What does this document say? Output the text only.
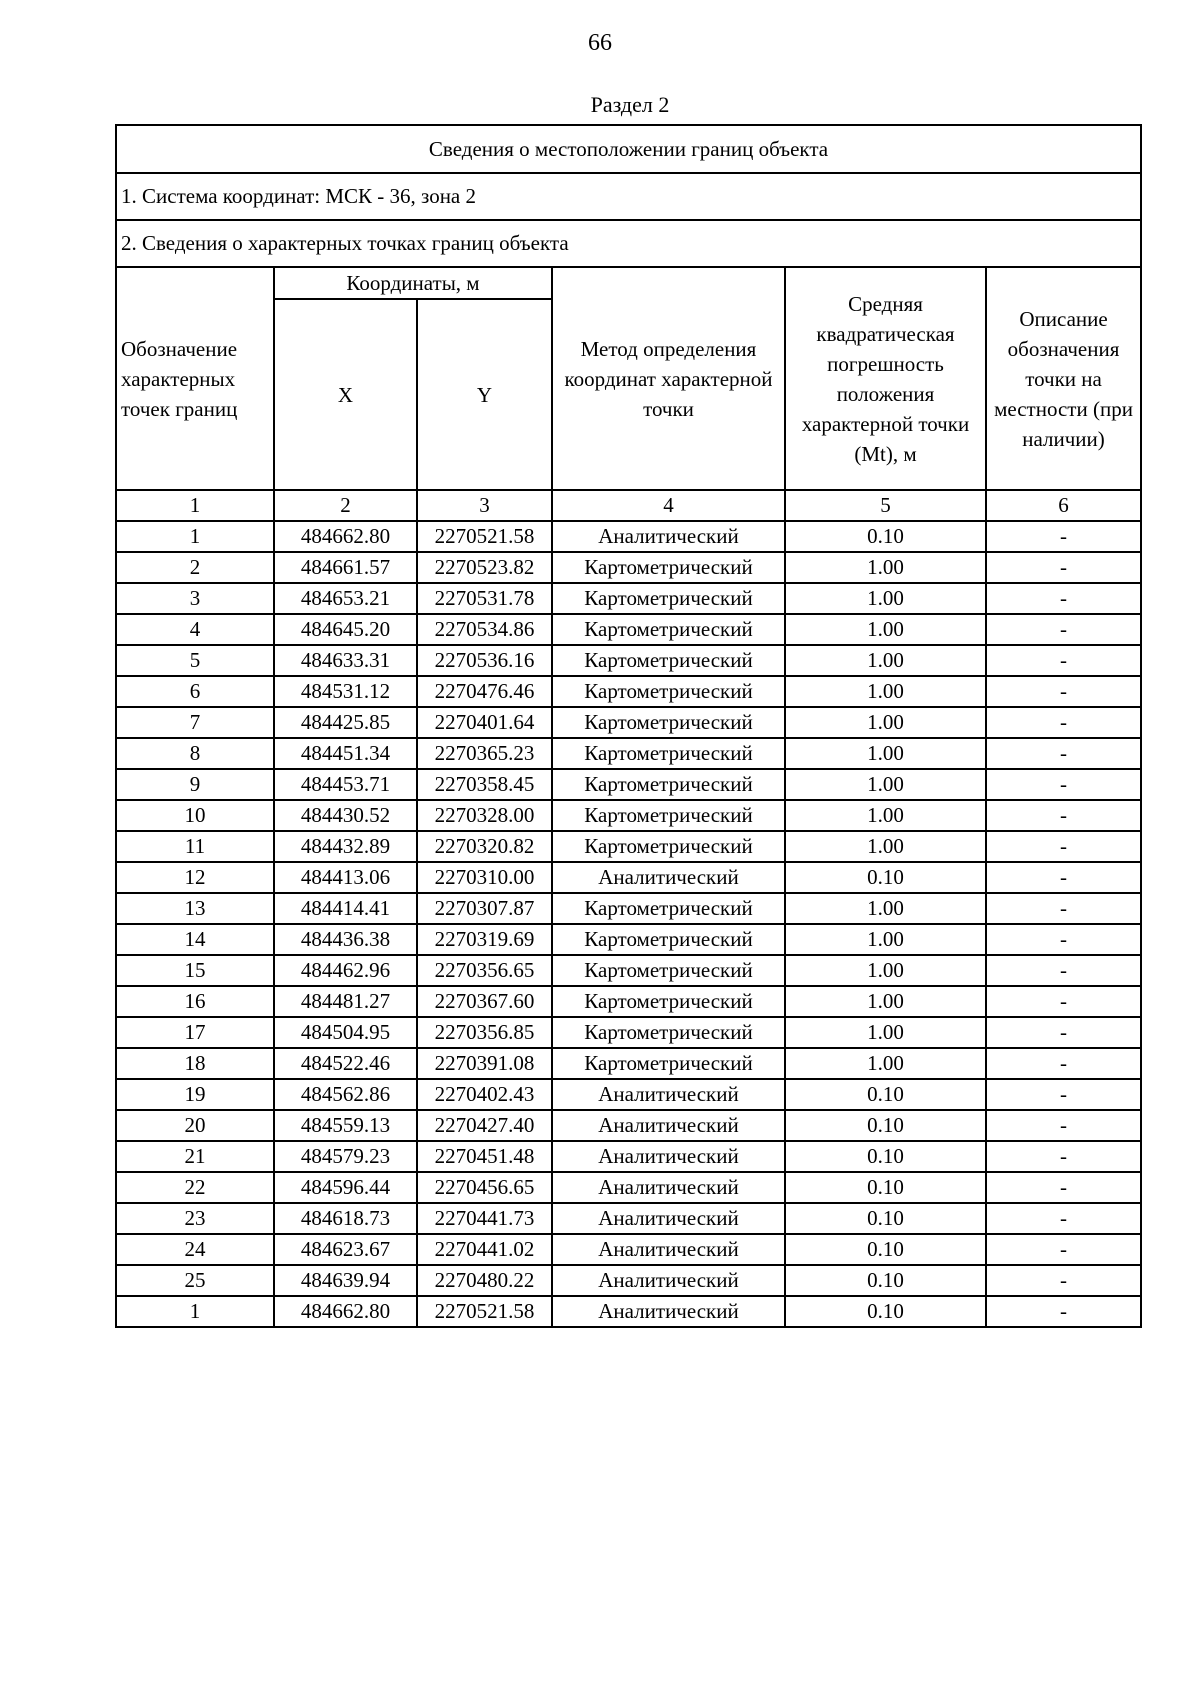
66
Раздел 2
Сведения о местоположении границ объекта					
1. Система координат: МСК - 36, зона 2					
2. Сведения о характерных точках границ объекта					
Обозначение характерных точек границ	Координаты, м		Метод определения координат характерной точки	Средняя квадратическая погрешность положения характерной точки (Mt), м	Описание обозначения точки на местности (при наличии)
	X	Y			
1	2	3	4	5	6
1	484662.80	2270521.58	Аналитический	0.10	-
2	484661.57	2270523.82	Картометрический	1.00	-
3	484653.21	2270531.78	Картометрический	1.00	-
4	484645.20	2270534.86	Картометрический	1.00	-
5	484633.31	2270536.16	Картометрический	1.00	-
6	484531.12	2270476.46	Картометрический	1.00	-
7	484425.85	2270401.64	Картометрический	1.00	-
8	484451.34	2270365.23	Картометрический	1.00	-
9	484453.71	2270358.45	Картометрический	1.00	-
10	484430.52	2270328.00	Картометрический	1.00	-
11	484432.89	2270320.82	Картометрический	1.00	-
12	484413.06	2270310.00	Аналитический	0.10	-
13	484414.41	2270307.87	Картометрический	1.00	-
14	484436.38	2270319.69	Картометрический	1.00	-
15	484462.96	2270356.65	Картометрический	1.00	-
16	484481.27	2270367.60	Картометрический	1.00	-
17	484504.95	2270356.85	Картометрический	1.00	-
18	484522.46	2270391.08	Картометрический	1.00	-
19	484562.86	2270402.43	Аналитический	0.10	-
20	484559.13	2270427.40	Аналитический	0.10	-
21	484579.23	2270451.48	Аналитический	0.10	-
22	484596.44	2270456.65	Аналитический	0.10	-
23	484618.73	2270441.73	Аналитический	0.10	-
24	484623.67	2270441.02	Аналитический	0.10	-
25	484639.94	2270480.22	Аналитический	0.10	-
1	484662.80	2270521.58	Аналитический	0.10	-
